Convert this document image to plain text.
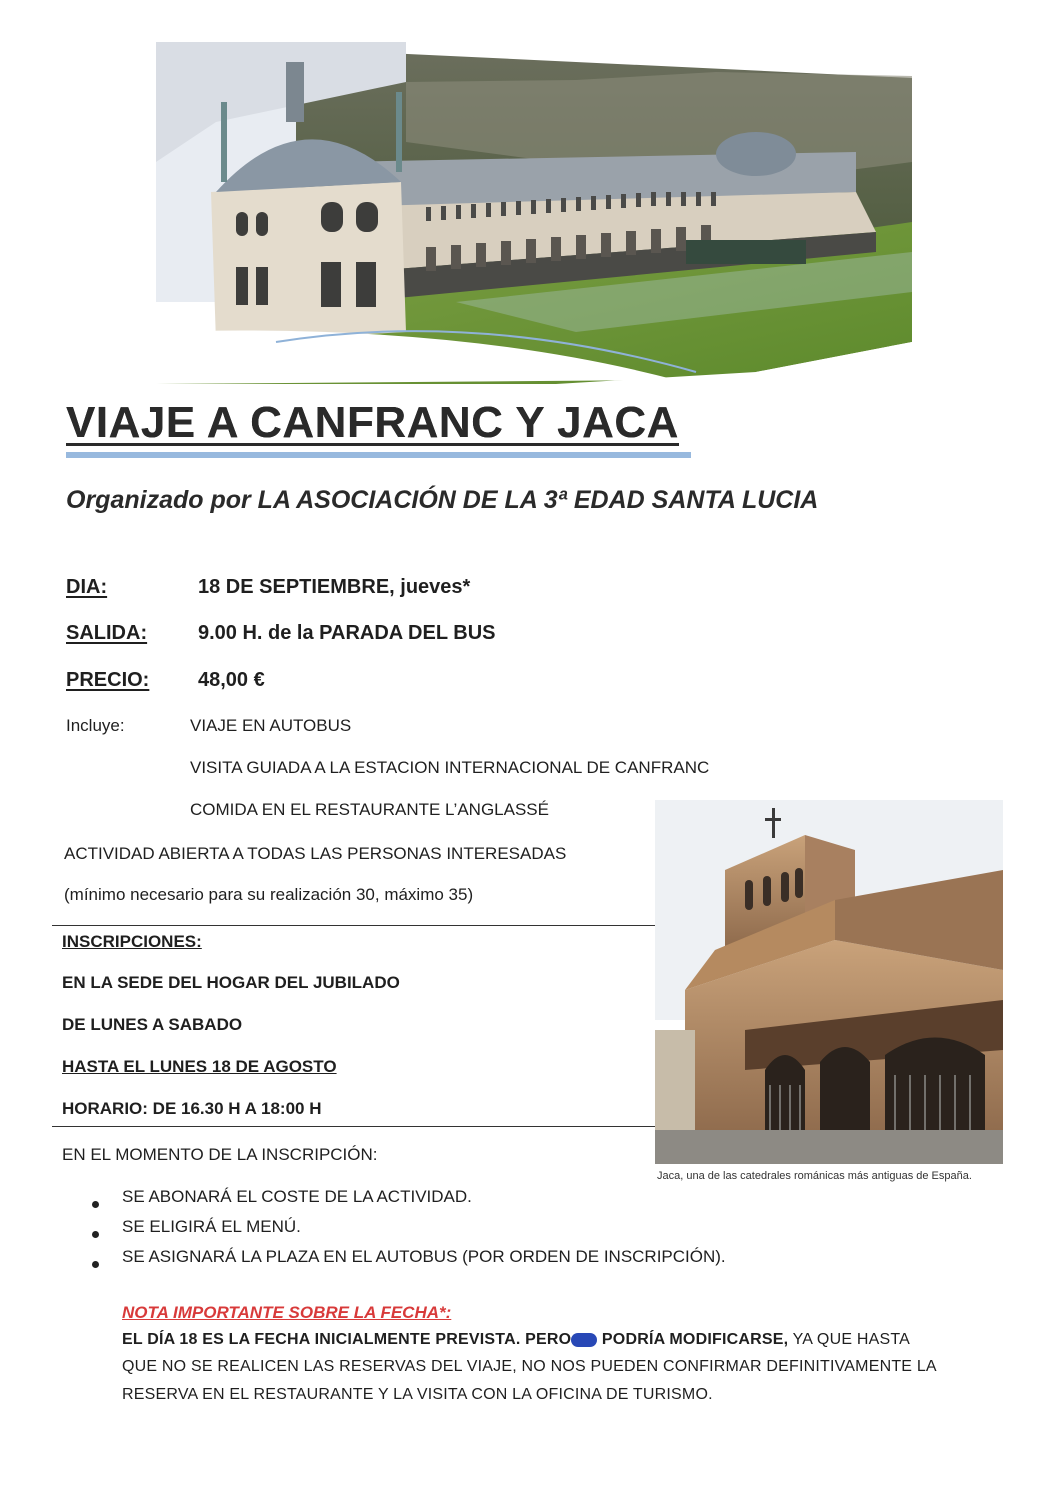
VIAJE A CANFRANC Y JACA
Organizado por LA ASOCIACIÓN DE LA 3ª EDAD SANTA LUCIA
DIA:	18 DE SEPTIEMBRE, jueves*
SALIDA:	9.00 H. de la PARADA DEL BUS
PRECIO: 48,00 €
Incluye:	VIAJE EN AUTOBUS
VISITA GUIADA A LA ESTACION INTERNACIONAL DE CANFRANC
COMIDA EN EL RESTAURANTE L’ANGLASSÉ
ACTIVIDAD ABIERTA A TODAS LAS PERSONAS INTERESADAS
(mínimo necesario para su realización 30, máximo 35)
INSCRIPCIONES:
EN LA SEDE DEL HOGAR DEL JUBILADO
DE LUNES A SABADO
HASTA EL LUNES 18 DE AGOSTO
HORARIO: DE 16.30 H A 18:00 H
Jaca, una de las catedrales románicas más antiguas de España.
EN EL MOMENTO DE LA INSCRIPCIÓN:
SE ABONARÁ EL COSTE DE LA ACTIVIDAD.
SE ELIGIRÁ EL MENÚ.
SE ASIGNARÁ LA PLAZA EN EL AUTOBUS (POR ORDEN DE INSCRIPCIÓN).
NOTA IMPORTANTE SOBRE LA FECHA*:
EL DÍA 18 ES LA FECHA INICIALMENTE PREVISTA. PERO PODRÍA MODIFICARSE, YA QUE HASTA
QUE NO SE REALICEN LAS RESERVAS DEL VIAJE, NO NOS PUEDEN CONFIRMAR DEFINITIVAMENTE LA
RESERVA EN EL RESTAURANTE Y LA VISITA CON LA OFICINA DE TURISMO.
